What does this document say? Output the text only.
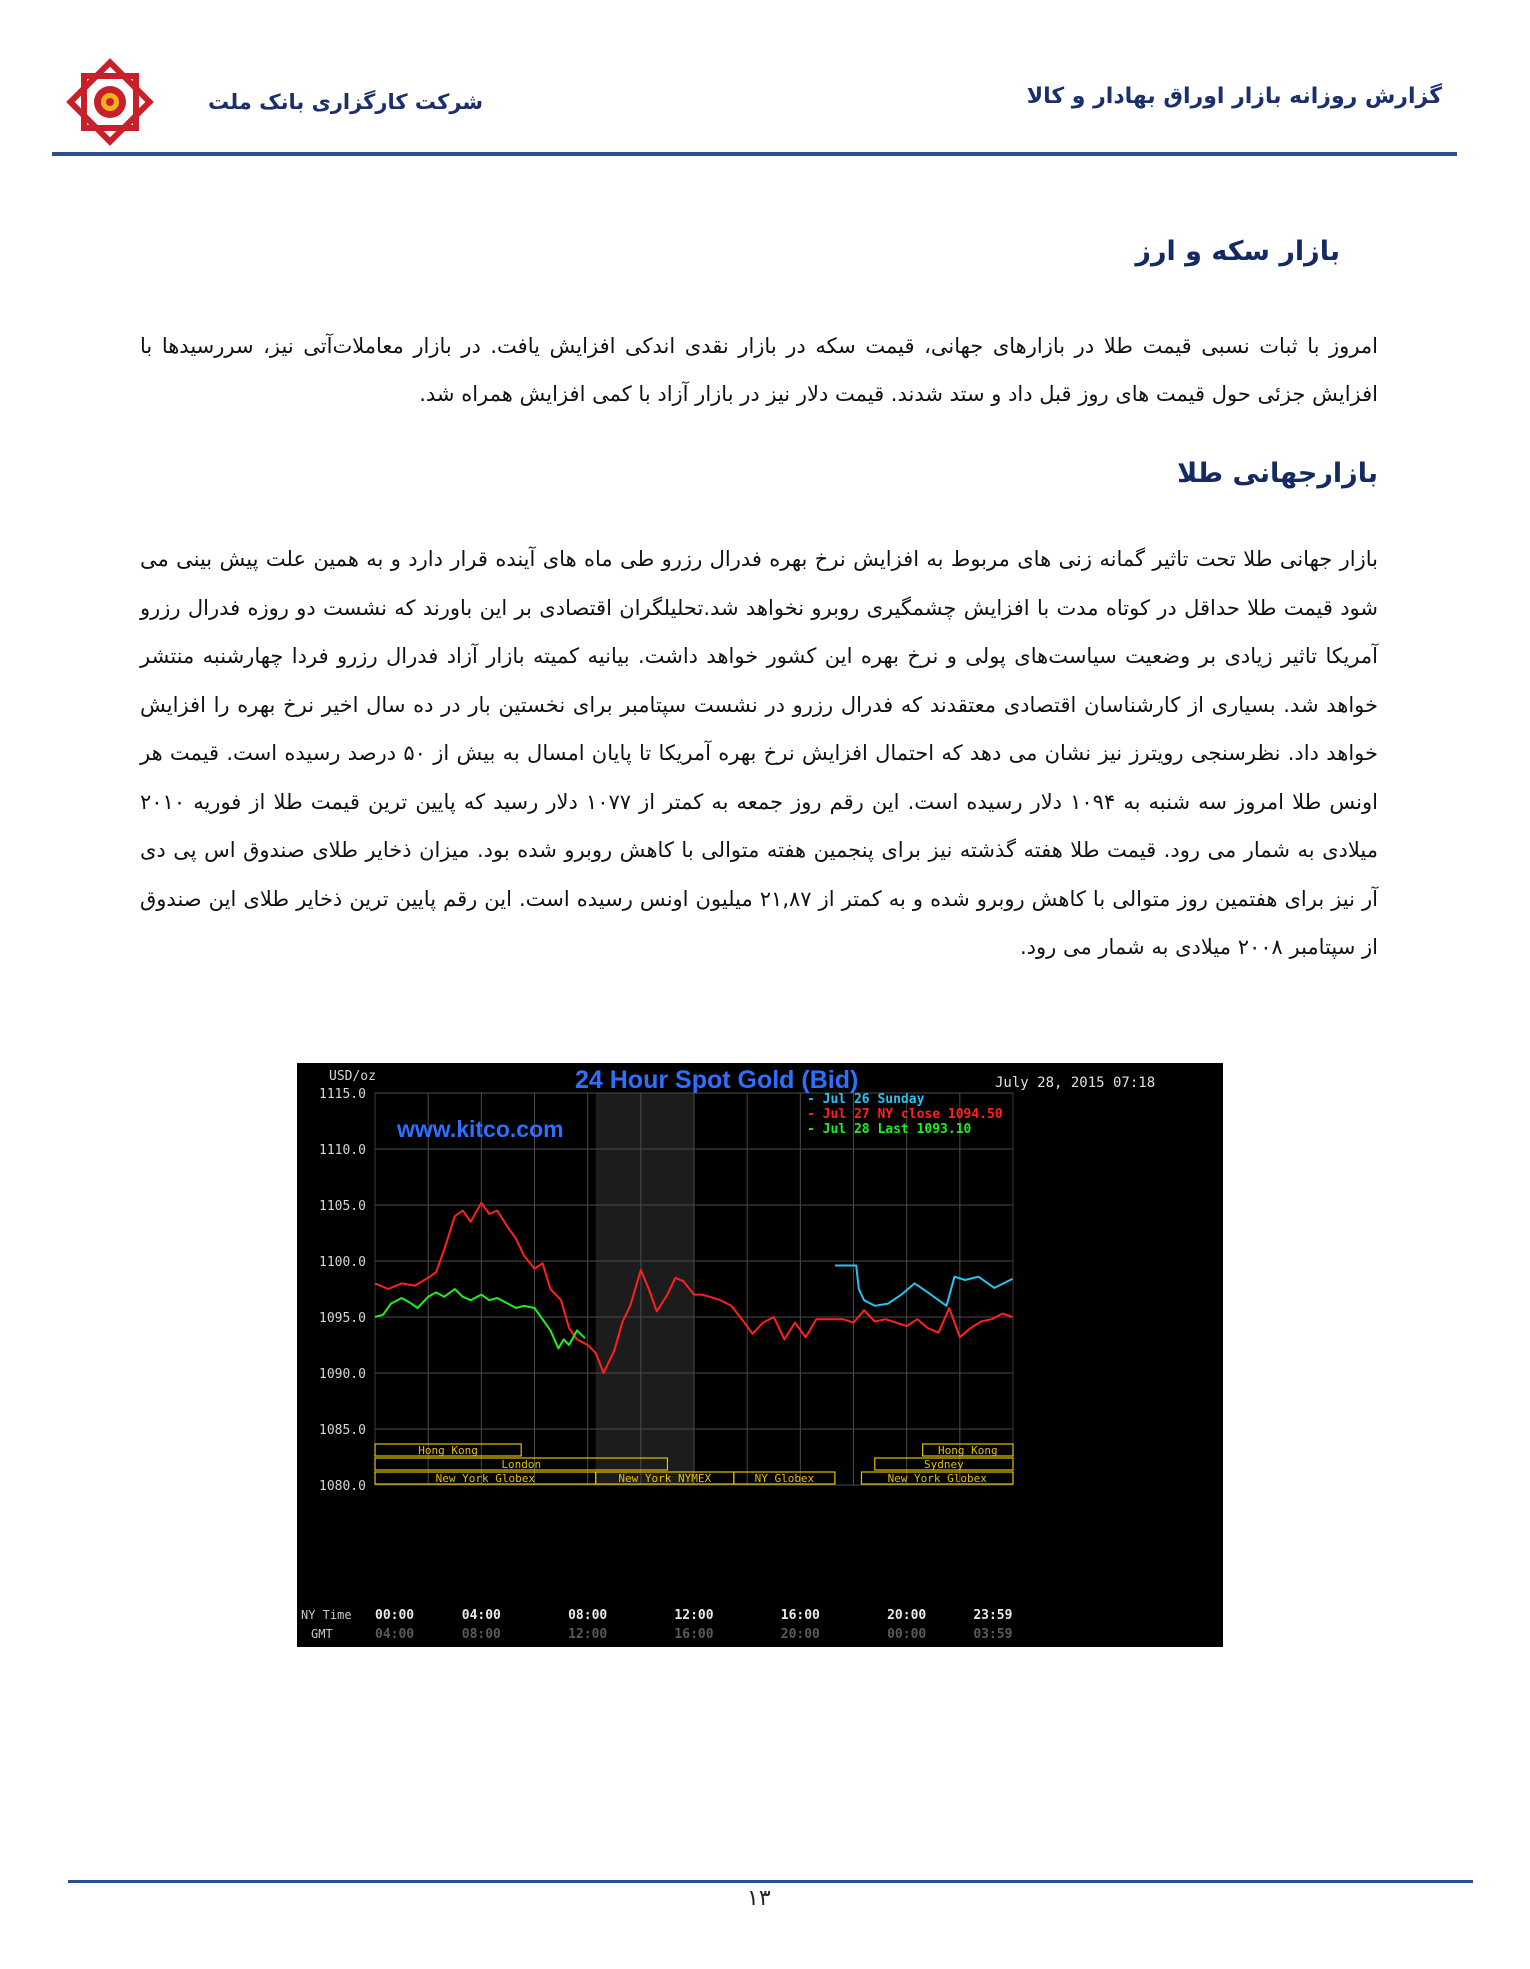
شرکت کارگزاری بانک ملت	گزارش روزانه بازار اوراق بهادار و کالا
بازار سکه و ارز

امروز با ثبات نسبی قیمت طلا در بازارهای جهانی، قیمت سکه در بازار نقدی اندکی افزایش یافت. در بازار معاملات‌آتی نیز، سررسیدها با افزایش جزئی حول قیمت های روز قبل داد و ستد شدند. قیمت دلار نیز در بازار آزاد با کمی افزایش همراه شد.

بازارجهانی طلا

بازار جهانی طلا تحت تاثیر گمانه زنی های مربوط به افزایش نرخ بهره فدرال رزرو طی ماه های آینده قرار دارد و به همین علت پیش بینی می شود قیمت طلا حداقل در کوتاه مدت با افزایش چشمگیری روبرو نخواهد شد.تحلیلگران اقتصادی بر این باورند که نشست دو روزه فدرال رزرو آمریکا تاثیر زیادی بر وضعیت سیاست‌های پولی و نرخ بهره این کشور خواهد داشت. بیانیه کمیته بازار آزاد فدرال رزرو فردا چهارشنبه منتشر خواهد شد. بسیاری از کارشناسان اقتصادی معتقدند که فدرال رزرو در نشست سپتامبر برای نخستین بار در ده سال اخیر نرخ بهره را افزایش خواهد داد. نظرسنجی رویترز نیز نشان می دهد که احتمال افزایش نرخ بهره آمریکا تا پایان امسال به بیش از ۵۰ درصد رسیده است. قیمت هر اونس طلا امروز سه شنبه به ۱۰۹۴ دلار رسیده است. این رقم روز جمعه به کمتر از ۱۰۷۷ دلار رسید که پایین ترین قیمت طلا از فوریه ۲۰۱۰ میلادی به شمار می رود. قیمت طلا هفته گذشته نیز برای پنجمین هفته متوالی با کاهش روبرو شده بود. میزان ذخایر طلای صندوق اس پی دی آر نیز برای هفتمین روز متوالی با کاهش روبرو شده و به کمتر از ۲۱,۸۷ میلیون اونس رسیده است. این رقم پایین ترین ذخایر طلای این صندوق از سپتامبر ۲۰۰۸ میلادی به شمار می رود.

Hong Kong	Hong Kong
London	Sydney
New York Globex	New York NYMEX	NY Globex	New York Globex
USD/oz	24 Hour Spot Gold (Bid)	July 28, 2015 07:18
www.kitco.com
NY Time
GMT
1115.0
1110.0
1105.0
1100.0
1095.0
1090.0
1085.0
1080.0
00:00
04:00
04:00
08:00
08:00
12:00
12:00
16:00
16:00
20:00
20:00
00:00
23:59
03:59
- Jul 26 Sunday
- Jul 27 NY close 1094.50
- Jul 28 Last 1093.10
۱۳
